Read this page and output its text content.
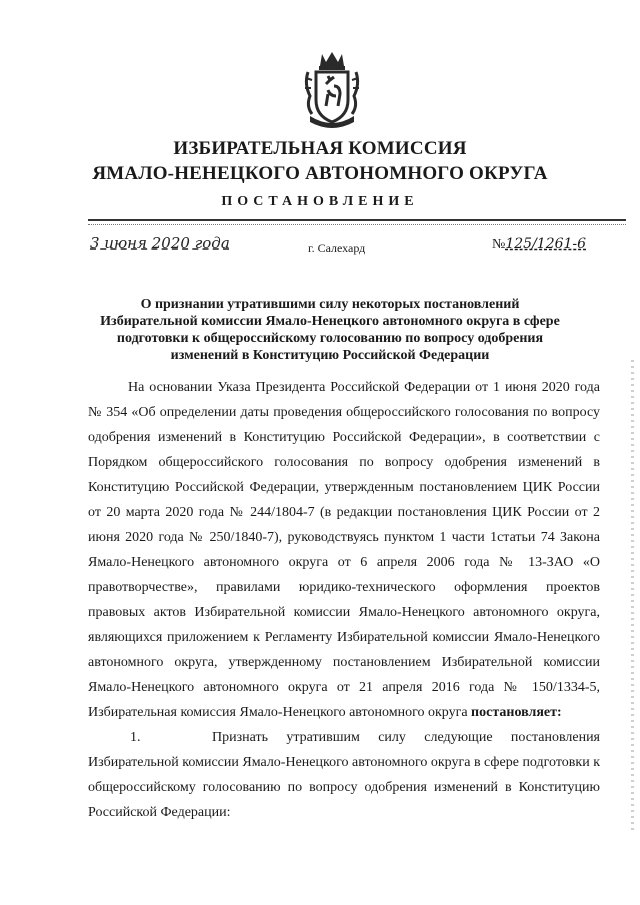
ИЗБИРАТЕЛЬНАЯ КОМИССИЯ
ЯМАЛО-НЕНЕЦКОГО АВТОНОМНОГО ОКРУГА
ПОСТАНОВЛЕНИЕ
3 июня 2020 года	г. Салехард	№125/1261-6
О признании утратившими силу некоторых постановлений Избирательной комиссии Ямало-Ненецкого автономного округа в сфере подготовки к общероссийскому голосованию по вопросу одобрения изменений в Конституцию Российской Федерации

На основании Указа Президента Российской Федерации от 1 июня 2020 года № 354 «Об определении даты проведения общероссийского голосования по вопросу одобрения изменений в Конституцию Российской Федерации», в соответствии с Порядком общероссийского голосования по вопросу одобрения изменений в Конституцию Российской Федерации, утвержденным постановлением ЦИК России от 20 марта 2020 года № 244/1804-7 (в редакции постановления ЦИК России от 2 июня 2020 года № 250/1840-7), руководствуясь пунктом 1 части 1статьи 74 Закона Ямало-Ненецкого автономного округа от 6 апреля 2006 года № 13-ЗАО «О правотворчестве», правилами юридико-технического оформления проектов правовых актов Избирательной комиссии Ямало-Ненецкого автономного округа, являющихся приложением к Регламенту Избирательной комиссии Ямало-Ненецкого автономного округа, утвержденному постановлением Избирательной комиссии Ямало-Ненецкого автономного округа от 21 апреля 2016 года № 150/1334-5, Избирательная комиссия Ямало-Ненецкого автономного округа постановляет:

1.	Признать утратившим силу следующие постановления Избирательной комиссии Ямало-Ненецкого автономного округа в сфере подготовки к общероссийскому голосованию по вопросу одобрения изменений в Конституцию Российской Федерации:
